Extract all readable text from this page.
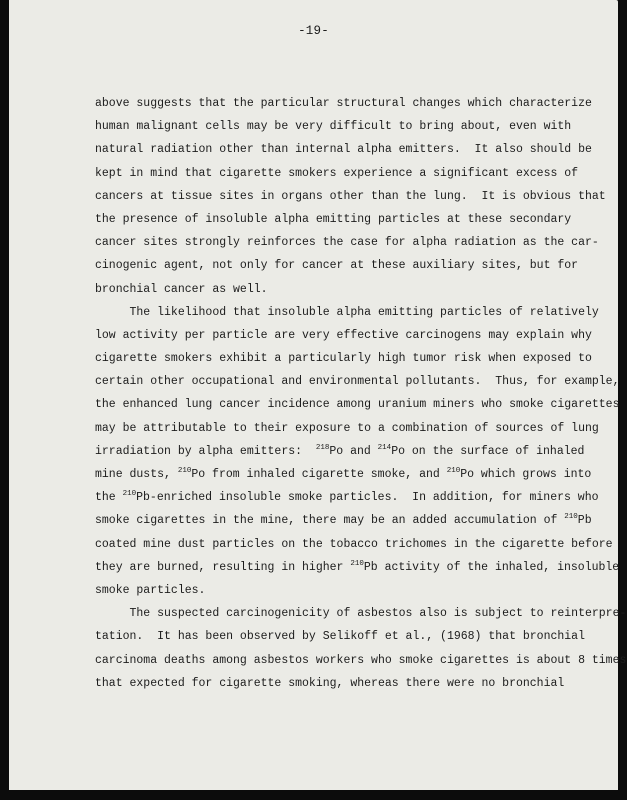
-19-
above suggests that the particular structural changes which characterize
human malignant cells may be very difficult to bring about, even with
natural radiation other than internal alpha emitters.  It also should be
kept in mind that cigarette smokers experience a significant excess of
cancers at tissue sites in organs other than the lung.  It is obvious that
the presence of insoluble alpha emitting particles at these secondary
cancer sites strongly reinforces the case for alpha radiation as the car-
cinogenic agent, not only for cancer at these auxiliary sites, but for
bronchial cancer as well.
The likelihood that insoluble alpha emitting particles of relatively
low activity per particle are very effective carcinogens may explain why
cigarette smokers exhibit a particularly high tumor risk when exposed to
certain other occupational and environmental pollutants.  Thus, for example,
the enhanced lung cancer incidence among uranium miners who smoke cigarettes
may be attributable to their exposure to a combination of sources of lung
irradiation by alpha emitters:  $^{218}$Po and $^{214}$Po on the surface of inhaled
mine dusts, $^{210}$Po from inhaled cigarette smoke, and $^{210}$Po which grows into
the $^{210}$Pb-enriched insoluble smoke particles.  In addition, for miners who
smoke cigarettes in the mine, there may be an added accumulation of $^{210}$Pb
coated mine dust particles on the tobacco trichomes in the cigarette before
they are burned, resulting in higher $^{210}$Pb activity of the inhaled, insoluble
smoke particles.
The suspected carcinogenicity of asbestos also is subject to reinterpre-
tation.  It has been observed by Selikoff et al., (1968) that bronchial
carcinoma deaths among asbestos workers who smoke cigarettes is about 8 times
that expected for cigarette smoking, whereas there were no bronchial
